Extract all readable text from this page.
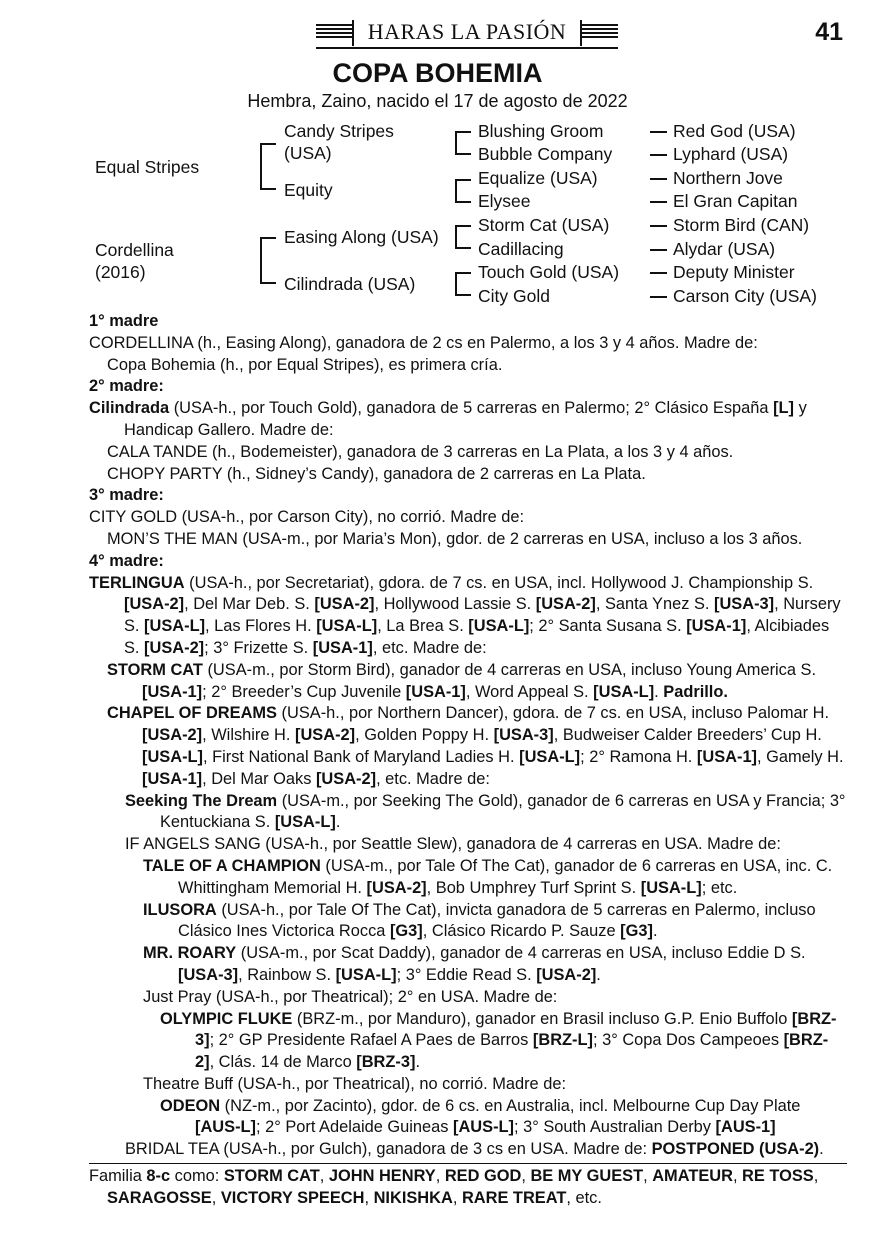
HARAS LA PASIÓN	41
COPA BOHEMIA
Hembra, Zaino, nacido el 17 de agosto de 2022
Equal Stripes
Cordellina
(2016)
Candy Stripes
(USA)
Equity
Easing Along (USA)
Cilindrada (USA)
Blushing Groom
Bubble Company
Equalize (USA)
Elysee
Storm Cat (USA)
Cadillacing
Touch Gold (USA)
City Gold
Red God (USA)
Lyphard (USA)
Northern Jove
El Gran Capitan
Storm Bird (CAN)
Alydar (USA)
Deputy Minister
Carson City (USA)

1° madre

CORDELLINA (h., Easing Along), ganadora de 2 cs en Palermo, a los 3 y 4 años. Madre de:

Copa Bohemia (h., por Equal Stripes), es primera cría.

2° madre:

Cilindrada (USA-h., por Touch Gold), ganadora de 5 carreras en Palermo; 2° Clásico España [L] y Handicap Gallero. Madre de:

CALA TANDE (h., Bodemeister), ganadora de 3 carreras en La Plata, a los 3 y 4 años.

CHOPY PARTY (h., Sidney’s Candy), ganadora de 2 carreras en La Plata.

3° madre:

CITY GOLD (USA-h., por Carson City), no corrió. Madre de:

MON’S THE MAN (USA-m., por Maria’s Mon), gdor. de 2 carreras en USA, incluso a los 3 años.

4° madre:

TERLINGUA (USA-h., por Secretariat), gdora. de 7 cs. en USA, incl. Hollywood J. Championship S. [USA-2], Del Mar Deb. S. [USA-2], Hollywood Lassie S. [USA-2], Santa Ynez S. [USA-3], Nursery S. [USA-L], Las Flores H. [USA-L], La Brea S. [USA-L]; 2° Santa Susana S. [USA-1], Alcibiades S. [USA-2]; 3° Frizette S. [USA-1], etc. Madre de:

STORM CAT (USA-m., por Storm Bird), ganador de 4 carreras en USA, incluso Young America S. [USA-1]; 2° Breeder’s Cup Juvenile [USA-1], Word Appeal S. [USA-L]. Padrillo.

CHAPEL OF DREAMS (USA-h., por Northern Dancer), gdora. de 7 cs. en USA, incluso Palomar H. [USA-2], Wilshire H. [USA-2], Golden Poppy H. [USA-3], Budweiser Calder Breeders’ Cup H. [USA-L], First National Bank of Maryland Ladies H. [USA-L]; 2° Ramona H. [USA-1], Gamely H. [USA-1], Del Mar Oaks [USA-2], etc. Madre de:

Seeking The Dream (USA-m., por Seeking The Gold), ganador de 6 carreras en USA y Francia; 3° Kentuckiana S. [USA-L].

IF ANGELS SANG (USA-h., por Seattle Slew), ganadora de 4 carreras en USA. Madre de:

TALE OF A CHAMPION (USA-m., por Tale Of The Cat), ganador de 6 carreras en USA, inc. C. Whittingham Memorial H. [USA-2], Bob Umphrey Turf Sprint S. [USA-L]; etc.

ILUSORA (USA-h., por Tale Of The Cat), invicta ganadora de 5 carreras en Palermo, incluso Clásico Ines Victorica Rocca [G3], Clásico Ricardo P. Sauze [G3].

MR. ROARY (USA-m., por Scat Daddy), ganador de 4 carreras en USA, incluso Eddie D S. [USA-3], Rainbow S. [USA-L]; 3° Eddie Read S. [USA-2].

Just Pray (USA-h., por Theatrical); 2° en USA. Madre de:

OLYMPIC FLUKE (BRZ-m., por Manduro), ganador en Brasil incluso G.P. Enio Buffolo [BRZ-3]; 2° GP Presidente Rafael A Paes de Barros [BRZ-L]; 3° Copa Dos Campeoes [BRZ-2], Clás. 14 de Marco [BRZ-3].

Theatre Buff (USA-h., por Theatrical), no corrió. Madre de:

ODEON (NZ-m., por Zacinto), gdor. de 6 cs. en Australia, incl. Melbourne Cup Day Plate [AUS-L]; 2° Port Adelaide Guineas [AUS-L]; 3° South Australian Derby [AUS-1]

BRIDAL TEA (USA-h., por Gulch), ganadora de 3 cs en USA. Madre de: POSTPONED (USA-2).

Familia 8-c como: STORM CAT, JOHN HENRY, RED GOD, BE MY GUEST, AMATEUR, RE TOSS, SARAGOSSE, VICTORY SPEECH, NIKISHKA, RARE TREAT, etc.
